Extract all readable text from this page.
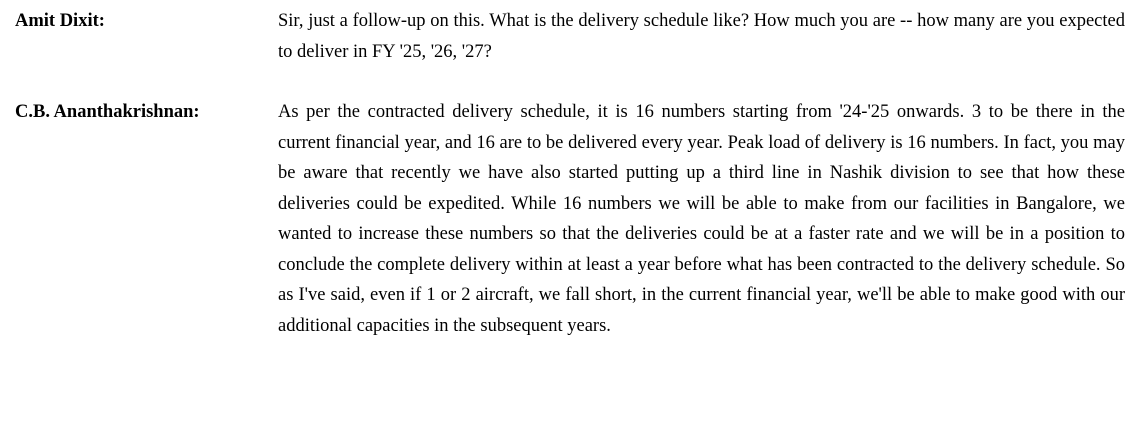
Amit Dixit:	Sir, just a follow-up on this. What is the delivery schedule like? How much you are -- how many are you expected to deliver in FY '25, '26, '27?
C.B. Ananthakrishnan:	As per the contracted delivery schedule, it is 16 numbers starting from '24-'25 onwards. 3 to be there in the current financial year, and 16 are to be delivered every year. Peak load of delivery is 16 numbers. In fact, you may be aware that recently we have also started putting up a third line in Nashik division to see that how these deliveries could be expedited. While 16 numbers we will be able to make from our facilities in Bangalore, we wanted to increase these numbers so that the deliveries could be at a faster rate and we will be in a position to conclude the complete delivery within at least a year before what has been contracted to the delivery schedule. So as I've said, even if 1 or 2 aircraft, we fall short, in the current financial year, we'll be able to make good with our additional capacities in the subsequent years.
